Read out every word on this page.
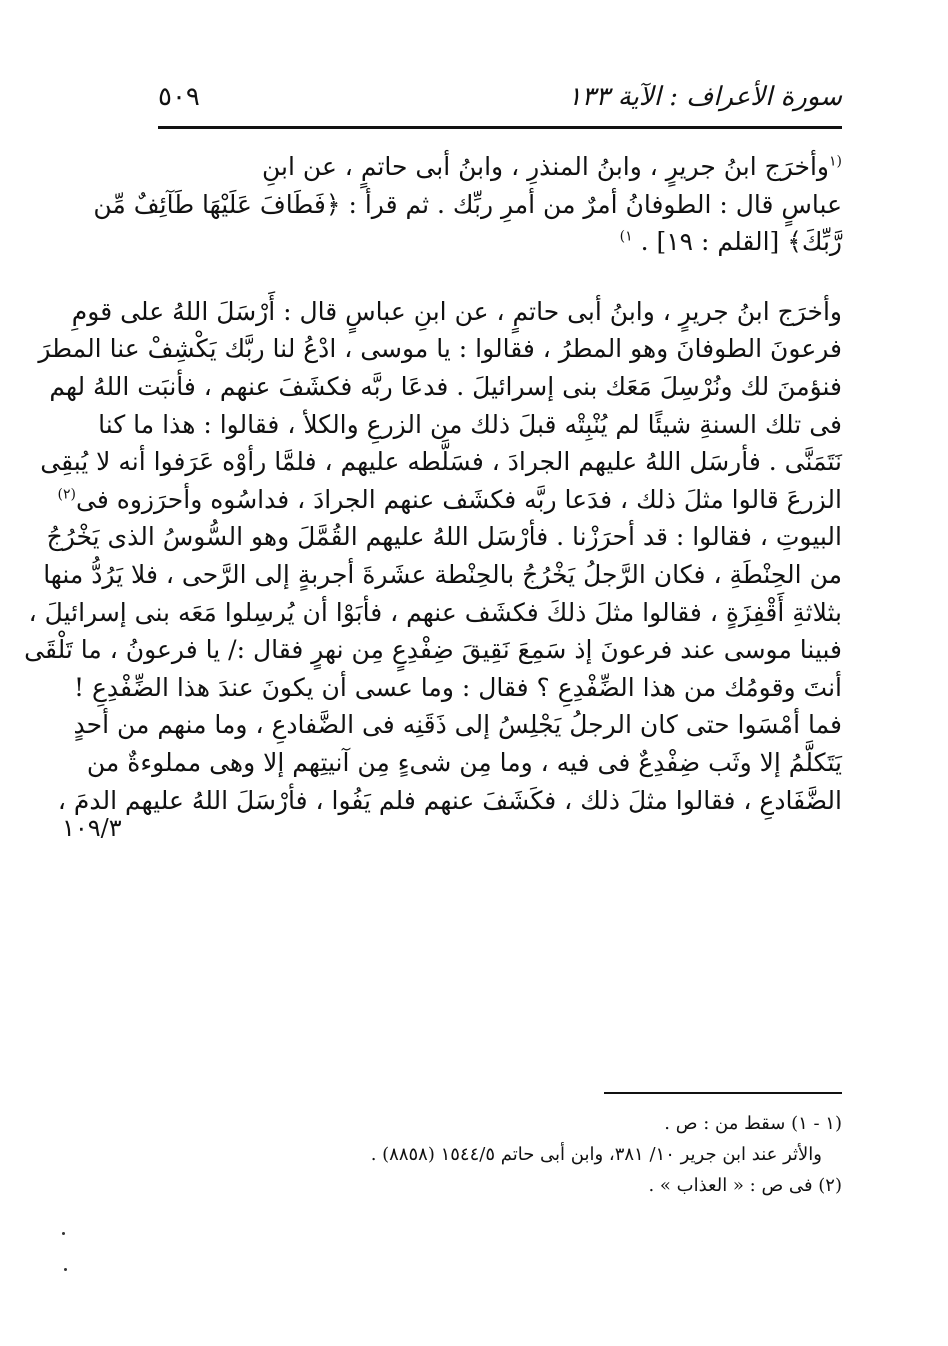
سورة الأعراف : الآية ١٣٣
٥٠٩

$^{(١}$وأخرَج ابنُ جريرٍ ، وابنُ المنذرِ ، وابنُ أبى حاتمٍ ، عن ابنِ
عباسٍ قال : الطوفانُ أمرٌ من أمرِ ربِّك . ثم قرأ : ﴿فَطَافَ عَلَيْهَا طَآئِفٌ مِّن
رَّبِّكَ﴾ [القلم : ١٩] . $^{١)}$

وأخرَج ابنُ جريرٍ ، وابنُ أبى حاتمٍ ، عن ابنِ عباسٍ قال : أَرْسَلَ اللهُ على قومِ
فرعونَ الطوفانَ وهو المطرُ ، فقالوا : يا موسى ، ادْعُ لنا ربَّك يَكْشِفْ عنا المطرَ
فنؤمنَ لك ونُرْسِلَ مَعَك بنى إسرائيلَ . فدعَا ربَّه فكشَفَ عنهم ، فأنبَت اللهُ لهم
فى تلك السنةِ شيئًا لم يُنْبِتْه قبلَ ذلك من الزرعِ والكلأ ، فقالوا : هذا ما كنا
نَتَمَنَّى . فأرسَل اللهُ عليهم الجرادَ ، فسَلَّطه عليهم ، فلمَّا رأوْه عَرَفوا أنه لا يُبقِى
الزرعَ قالوا مثلَ ذلك ، فدَعا ربَّه فكشَف عنهم الجرادَ ، فداسُوه وأحرَزوه فى$^{(٢)}$
البيوتِ ، فقالوا : قد أحرَزْنا . فأرْسَل اللهُ عليهم القُمَّلَ وهو السُّوسُ الذى يَخْرُجُ
من الحِنْطَةِ ، فكان الرَّجلُ يَخْرُجُ بالحِنْطة عشَرةَ أجربةٍ إلى الرَّحى ، فلا يَرُدُّ منها
بثلاثةِ أَقْفِزَةٍ ، فقالوا مثلَ ذلكَ فكشَف عنهم ، فأبَوْا أن يُرسِلوا مَعَه بنى إسرائيلَ ،
فبينا موسى عند فرعونَ إذ سَمِعَ نَقِيقَ ضِفْدِعٍ مِن نهرٍ فقال :/ يا فرعونُ ، ما تَلْقَى
أنتَ وقومُك من هذا الضِّفْدِعِ ؟ فقال : وما عسى أن يكونَ عندَ هذا الضِّفْدِعِ !
فما أمْسَوا حتى كان الرجلُ يَجْلِسُ إلى ذَقَنِه فى الضَّفادعِ ، وما منهم من أحدٍ
يَتَكلَّمُ إلا وثَب ضِفْدِعٌ فى فيه ، وما مِن شىءٍ مِن آنيتِهم إلا وهى مملوءةٌ من
الضَّفَادعِ ، فقالوا مثلَ ذلك ، فكَشَفَ عنهم فلم يَفُوا ، فأرْسَلَ اللهُ عليهم الدمَ ،

١٠٩/٣
(١ - ١) سقط من : ص .
والأثر عند ابن جرير ١٠/ ٣٨١، وابن أبى حاتم ١٥٤٤/٥ (٨٨٥٨) .
(٢) فى ص : « العذاب » .
